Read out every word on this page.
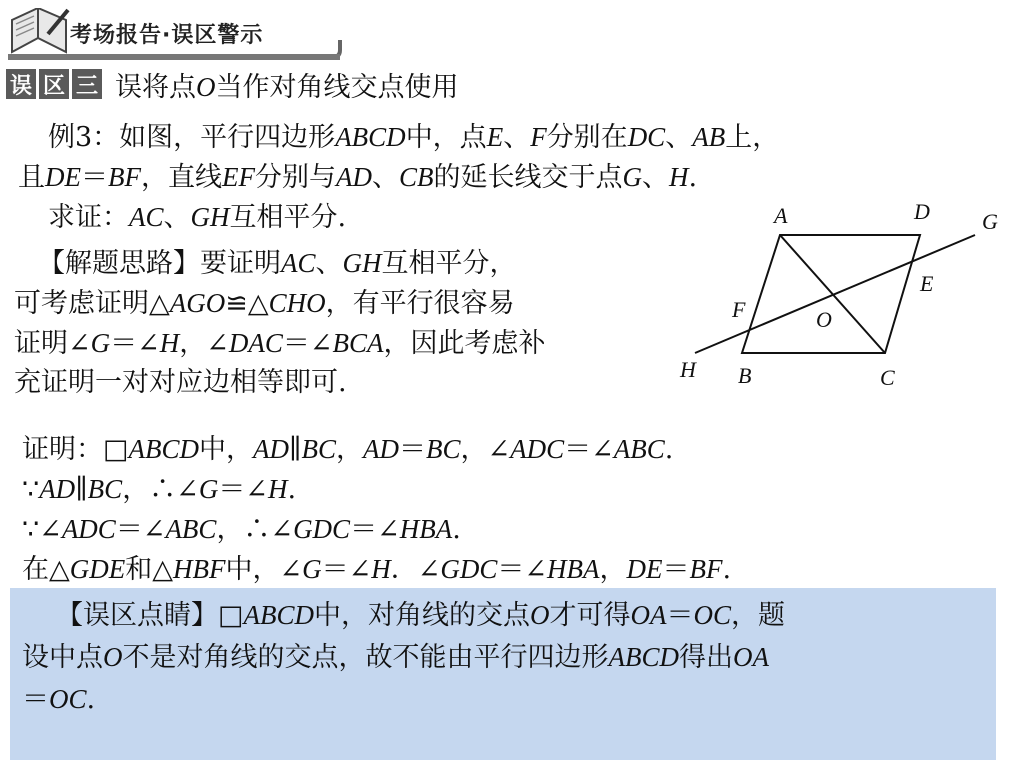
考场报告·误区警示
误 区 三 误将点O当作对角线交点使用
例3：如图，平行四边形ABCD中，点E、F分别在DC、AB上，
且DE＝BF，直线EF分别与AD、CB的延长线交于点G、H.
求证：AC、GH互相平分.
【解题思路】要证明AC、GH互相平分，
可考虑证明△AGO≌△CHO，有平行很容易
证明∠G＝∠H，∠DAC＝∠BCA，因此考虑补
充证明一对对应边相等即可.
A	D G
E
F	O
H B	C
证明：□ABCD中，AD∥BC，AD＝BC，∠ADC＝∠ABC.
∵AD∥BC，∴∠G＝∠H.
∵∠ADC＝∠ABC，∴∠GDC＝∠HBA.
在△GDE和△HBF中，∠G＝∠H．∠GDC＝∠HBA，DE＝BF.
【误区点睛】□ABCD中，对角线的交点O才可得OA＝OC，题
设中点O不是对角线的交点，故不能由平行四边形ABCD得出OA
＝OC.
